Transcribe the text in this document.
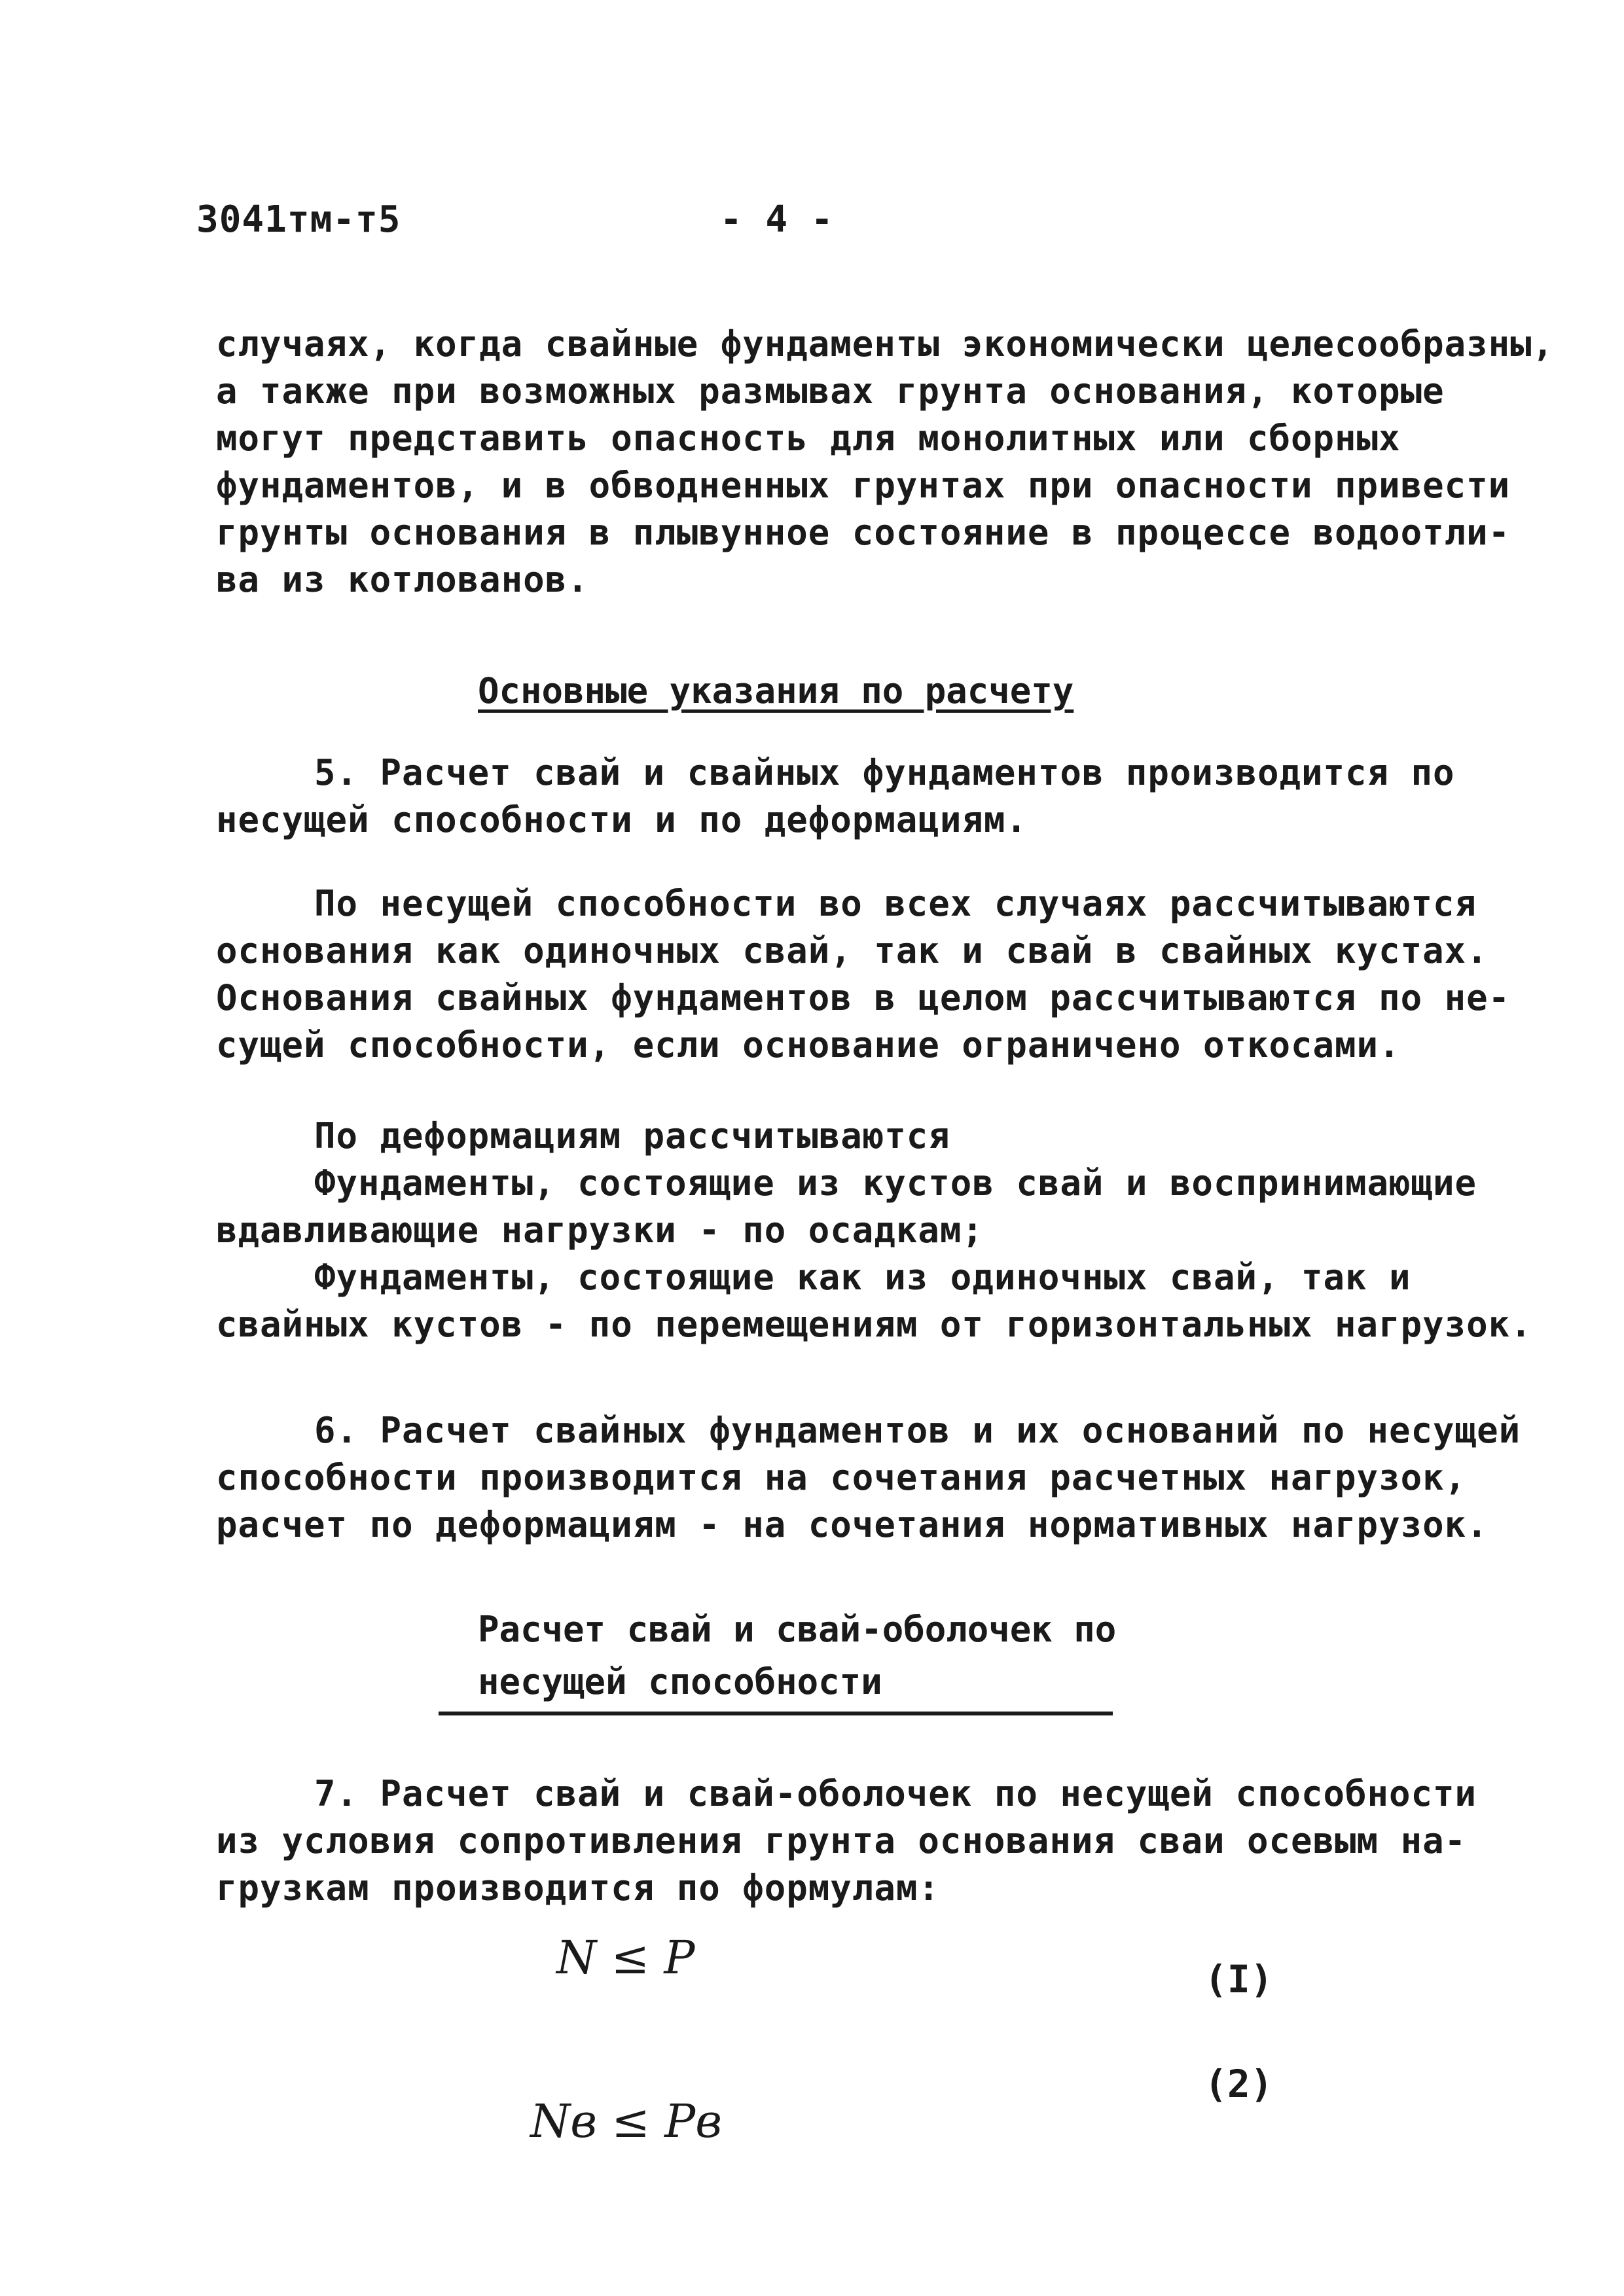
3041тм-т5	- 4 -
случаях, когда свайные фундаменты экономически целесообразны,
а также при возможных размывах грунта основания, которые
могут представить опасность для монолитных или сборных
фундаментов, и в обводненных грунтах при опасности привести
грунты основания в плывунное состояние в процессе водоотли-
ва из котлованов.
Основные указания по расчету
5. Расчет свай и свайных фундаментов производится по
несущей способности и по деформациям.
По несущей способности во всех случаях рассчитываются
основания как одиночных свай, так и свай в свайных кустах.
Основания свайных фундаментов в целом рассчитываются по не-
сущей способности, если основание ограничено откосами.
По деформациям рассчитываются
Фундаменты, состоящие из кустов свай и воспринимающие
вдавливающие нагрузки - по осадкам;
Фундаменты, состоящие как из одиночных свай, так и
свайных кустов - по перемещениям от горизонтальных нагрузок.
6. Расчет свайных фундаментов и их оснований по несущей
способности производится на сочетания расчетных нагрузок,
расчет по деформациям - на сочетания нормативных нагрузок.
Расчет свай и свай-оболочек по
несущей способности
7. Расчет свай и свай-оболочек по несущей способности
из условия сопротивления грунта основания сваи осевым на-
грузкам производится по формулам:
N ≤ P	(I)
Nв ≤ Pв
(2)
